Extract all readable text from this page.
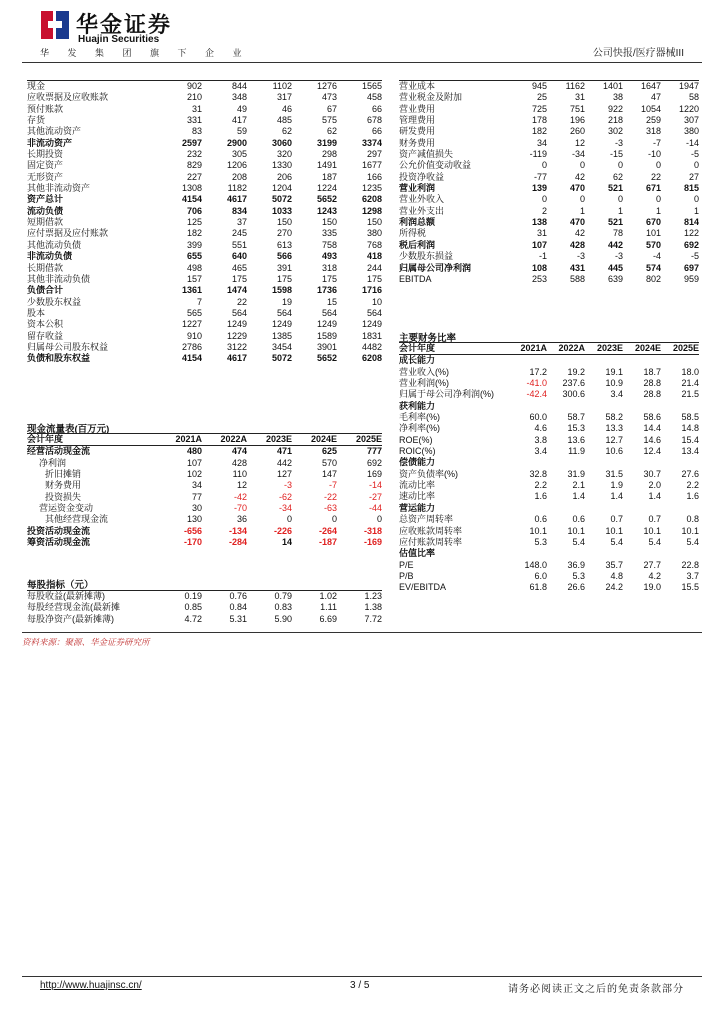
华金证券
Huajin Securities
华 发 集 团 旗 下 企 业	公司快报/医疗器械III
现金	902	844	1102	1276	1565
应收票据及应收账款	210	348	317	473	458
预付账款	31	49	46	67	66
存货	331	417	485	575	678
其他流动资产	83	59	62	62	66
非流动资产	2597	2900	3060	3199	3374
长期投资	232	305	320	298	297
固定资产	829	1206	1330	1491	1677
无形资产	227	208	206	187	166
其他非流动资产	1308	1182	1204	1224	1235
资产总计	4154	4617	5072	5652	6208
流动负债	706	834	1033	1243	1298
短期借款	125	37	150	150	150
应付票据及应付账款	182	245	270	335	380
其他流动负债	399	551	613	758	768
非流动负债	655	640	566	493	418
长期借款	498	465	391	318	244
其他非流动负债	157	175	175	175	175
负债合计	1361	1474	1598	1736	1716
少数股东权益	7	22	19	15	10
股本	565	564	564	564	564
资本公积	1227	1249	1249	1249	1249
留存收益	910	1229	1385	1589	1831
归属母公司股东权益	2786	3122	3454	3901	4482
负债和股东权益	4154	4617	5072	5652	6208
营业成本	945	1162	1401	1647	1947
营业税金及附加	25	31	38	47	58
营业费用	725	751	922	1054	1220
管理费用	178	196	218	259	307
研发费用	182	260	302	318	380
财务费用	34	12	-3	-7	-14
资产减值损失	-119	-34	-15	-10	-5
公允价值变动收益	0	0	0	0	0
投资净收益	-77	42	62	22	27
营业利润	139	470	521	671	815
营业外收入	0	0	0	0	0
营业外支出	2	1	1	1	1
利润总额	138	470	521	670	814
所得税	31	42	78	101	122
税后利润	107	428	442	570	692
少数股东损益	-1	-3	-3	-4	-5
归属母公司净利润	108	431	445	574	697
EBITDA	253	588	639	802	959
现金流量表(百万元)
会计年度	2021A	2022A	2023E	2024E	2025E
经营活动现金流	480	474	471	625	777
净利润	107	428	442	570	692
折旧摊销	102	110	127	147	169
财务费用	34	12	-3	-7	-14
投资损失	77	-42	-62	-22	-27
营运资金变动	30	-70	-34	-63	-44
其他经营现金流	130	36	0	0	0
投资活动现金流	-656	-134	-226	-264	-318
筹资活动现金流	-170	-284	14	-187	-169
每股指标（元）
每股收益(最新摊薄)	0.19	0.76	0.79	1.02	1.23
每股经营现金流(最新摊	0.85	0.84	0.83	1.11	1.38
每股净资产(最新摊薄)	4.72	5.31	5.90	6.69	7.72
主要财务比率
会计年度	2021A	2022A	2023E	2024E	2025E
成长能力					
营业收入(%)	17.2	19.2	19.1	18.7	18.0
营业利润(%)	-41.0	237.6	10.9	28.8	21.4
归属于母公司净利润(%)	-42.4	300.6	3.4	28.8	21.5
获利能力					
毛利率(%)	60.0	58.7	58.2	58.6	58.5
净利率(%)	4.6	15.3	13.3	14.4	14.8
ROE(%)	3.8	13.6	12.7	14.6	15.4
ROIC(%)	3.4	11.9	10.6	12.4	13.4
偿债能力					
资产负债率(%)	32.8	31.9	31.5	30.7	27.6
流动比率	2.2	2.1	1.9	2.0	2.2
速动比率	1.6	1.4	1.4	1.4	1.6
营运能力					
总资产周转率	0.6	0.6	0.7	0.7	0.8
应收账款周转率	10.1	10.1	10.1	10.1	10.1
应付账款周转率	5.3	5.4	5.4	5.4	5.4
估值比率					
P/E	148.0	36.9	35.7	27.7	22.8
P/B	6.0	5.3	4.8	4.2	3.7
EV/EBITDA	61.8	26.6	24.2	19.0	15.5
资料来源：聚源、华金证券研究所
http://www.huajinsc.cn/	3 / 5	请务必阅读正文之后的免责条款部分
